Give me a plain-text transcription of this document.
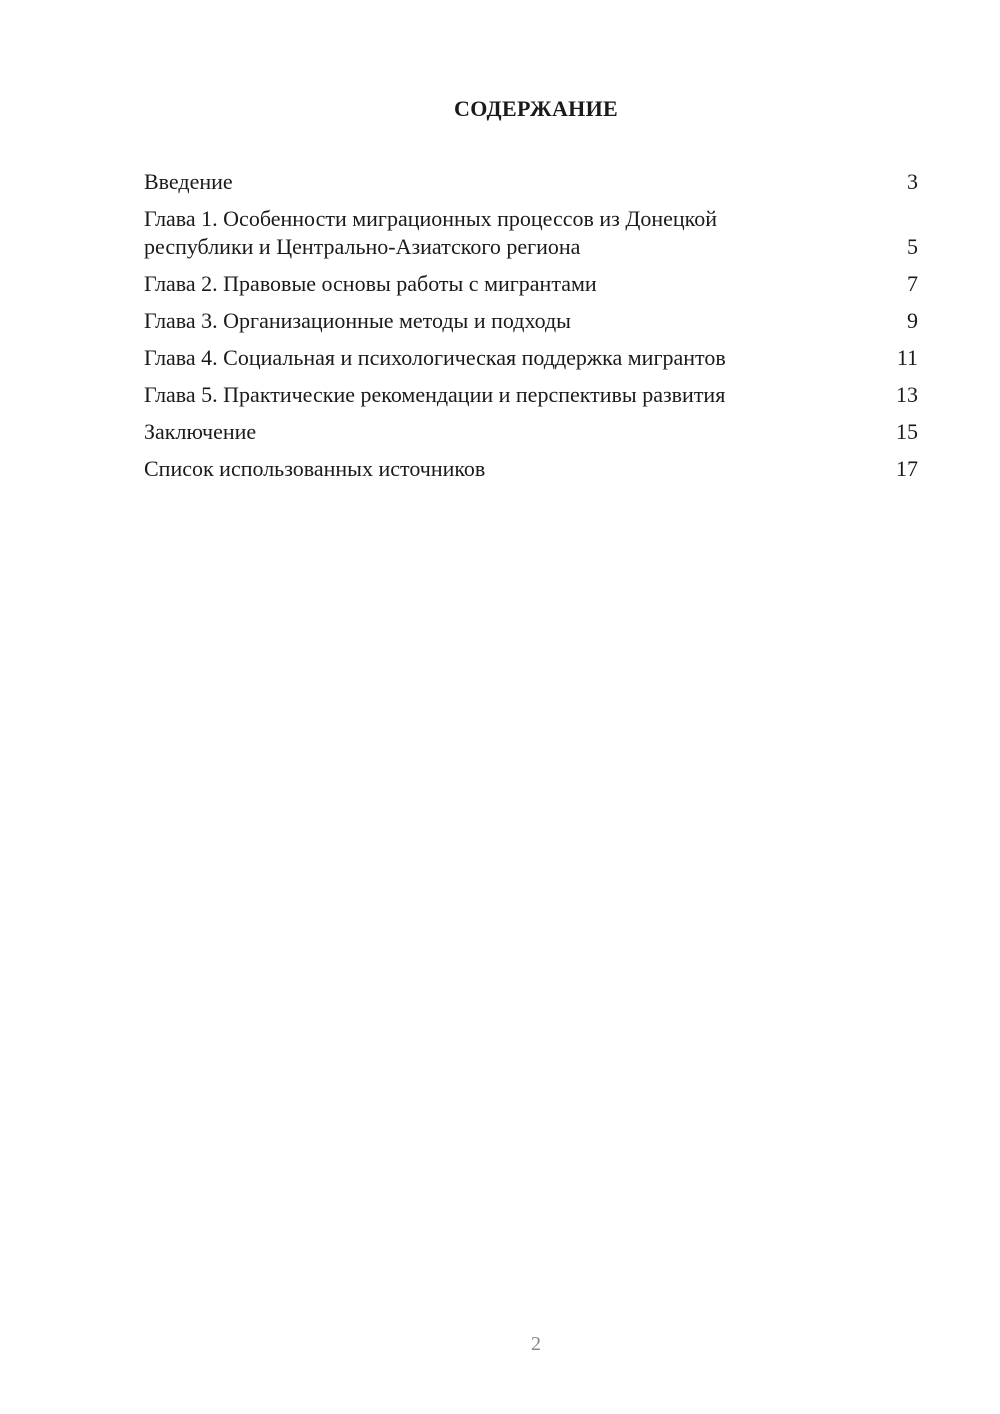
СОДЕРЖАНИЕ
Введение	3
Глава 1. Особенности миграционных процессов из Донецкой
республики и Центрально-Азиатского региона	5
Глава 2. Правовые основы работы с мигрантами	7
Глава 3. Организационные методы и подходы	9
Глава 4. Социальная и психологическая поддержка мигрантов	11
Глава 5. Практические рекомендации и перспективы развития	13
Заключение	15
Список использованных источников	17
2
